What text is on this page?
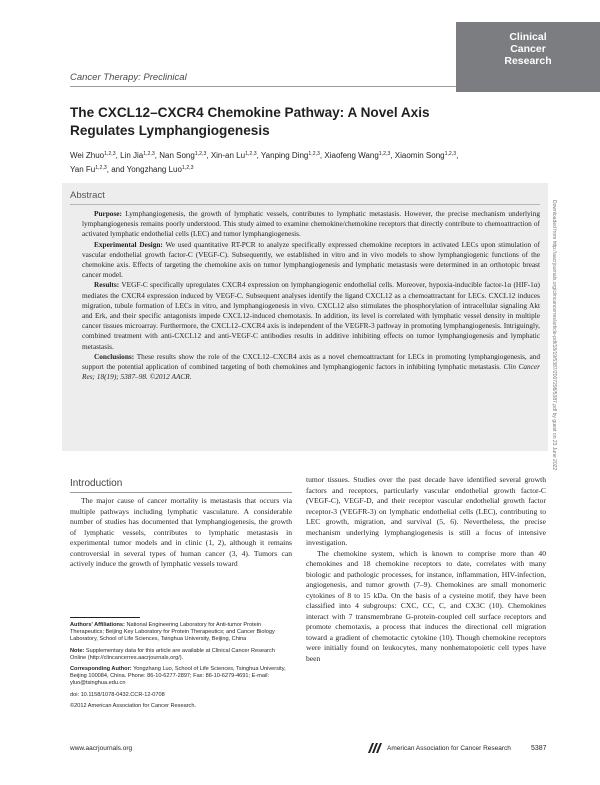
Clinical
Cancer
Research
Cancer Therapy: Preclinical
The CXCL12–CXCR4 Chemokine Pathway: A Novel Axis Regulates Lymphangiogenesis
Wei Zhuo$^{1,2,3}$, Lin Jia$^{1,2,3}$, Nan Song$^{1,2,3}$, Xin-an Lu$^{1,2,3}$, Yanping Ding$^{1,2,3}$, Xiaofeng Wang$^{1,2,3}$, Xiaomin Song$^{1,2,3}$, Yan Fu$^{1,2,3}$, and Yongzhang Luo$^{1,2,3}$
Abstract

Purpose: Lymphangiogenesis, the growth of lymphatic vessels, contributes to lymphatic metastasis. However, the precise mechanism underlying lymphangiogenesis remains poorly understood. This study aimed to examine chemokine/chemokine receptors that directly contribute to chemoattraction of activated lymphatic endothelial cells (LEC) and tumor lymphangiogenesis.

Experimental Design: We used quantitative RT-PCR to analyze specifically expressed chemokine receptors in activated LECs upon stimulation of vascular endothelial growth factor-C (VEGF-C). Subsequently, we established in vitro and in vivo models to show lymphangiogenic functions of the chemokine axis. Effects of targeting the chemokine axis on tumor lymphangiogenesis and lymphatic metastasis were determined in an orthotopic breast cancer model.

Results: VEGF-C specifically upregulates CXCR4 expression on lymphangiogenic endothelial cells. Moreover, hypoxia-inducible factor-1α (HIF-1α) mediates the CXCR4 expression induced by VEGF-C. Subsequent analyses identify the ligand CXCL12 as a chemoattractant for LECs. CXCL12 induces migration, tubule formation of LECs in vitro, and lymphangiogenesis in vivo. CXCL12 also stimulates the phosphorylation of intracellular signaling Akt and Erk, and their specific antagonists impede CXCL12-induced chemotaxis. In addition, its level is correlated with lymphatic vessel density in multiple cancer tissues microarray. Furthermore, the CXCL12–CXCR4 axis is independent of the VEGFR-3 pathway in promoting lymphangiogenesis. Intriguingly, combined treatment with anti-CXCL12 and anti-VEGF-C antibodies results in additive inhibiting effects on tumor lymphangiogenesis and lymphatic metastasis.

Conclusions: These results show the role of the CXCL12–CXCR4 axis as a novel chemoattractant for LECs in promoting lymphangiogenesis, and support the potential application of combined targeting of both chemokines and lymphangiogenic factors in inhibiting lymphatic metastasis. Clin Cancer Res; 18(19); 5387–98. ©2012 AACR.	Downloaded from http://aacrjournals.org/clincancerres/article-pdf/18/19/5387/2007298/5387.pdf by guest on 23 June 2022
Introduction

The major cause of cancer mortality is metastasis that occurs via multiple pathways including lymphatic vasculature. A considerable number of studies has documented that lymphangiogenesis, the growth of lymphatic vessels, contributes to lymphatic metastasis in experimental tumor models and in clinic (1, 2), although it remains controversial in several types of human cancer (3, 4). Tumors can actively induce the growth of lymphatic vessels toward

tumor tissues. Studies over the past decade have identified several growth factors and receptors, particularly vascular endothelial growth factor-C (VEGF-C), VEGF-D, and their receptor vascular endothelial growth factor receptor-3 (VEGFR-3) on lymphatic endothelial cells (LEC), contributing to LEC growth, migration, and survival (5, 6). Nevertheless, the precise mechanism underlying lymphangiogenesis is still a focus of intensive investigation.

The chemokine system, which is known to comprise more than 40 chemokines and 18 chemokine receptors to date, correlates with many biologic and pathologic processes, for instance, inflammation, HIV-infection, angiogenesis, and tumor growth (7–9). Chemokines are small monomeric cytokines of 8 to 15 kDa. On the basis of a cysteine motif, they have been classified into 4 subgroups: CXC, CC, C, and CX3C (10). Chemokines interact with 7 transmembrane G-protein-coupled cell surface receptors and promote chemotaxis, a process that induces the directional cell migration toward a gradient of chemotactic cytokine (10). Though chemokine receptors were initially found on leukocytes, many nonhematopoietic cell types have been

Authors' Affiliations: National Engineering Laboratory for Anti-tumor Protein Therapeutics; Beijing Key Laboratory for Protein Therapeutics; and Cancer Biology Laboratory, School of Life Sciences, Tsinghua University, Beijing, China

Note: Supplementary data for this article are available at Clinical Cancer Research Online (http://clincancerres.aacrjournals.org/).

Corresponding Author: Yongzhang Luo, School of Life Sciences, Tsinghua University, Beijing 100084, China. Phone: 86-10-6277-2897; Fax: 86-10-6279-4691; E-mail: yluo@tsinghua.edu.cn

doi: 10.1158/1078-0432.CCR-12-0708

©2012 American Association for Cancer Research.

www.aacrjournals.org	American Association for Cancer Research	5387
